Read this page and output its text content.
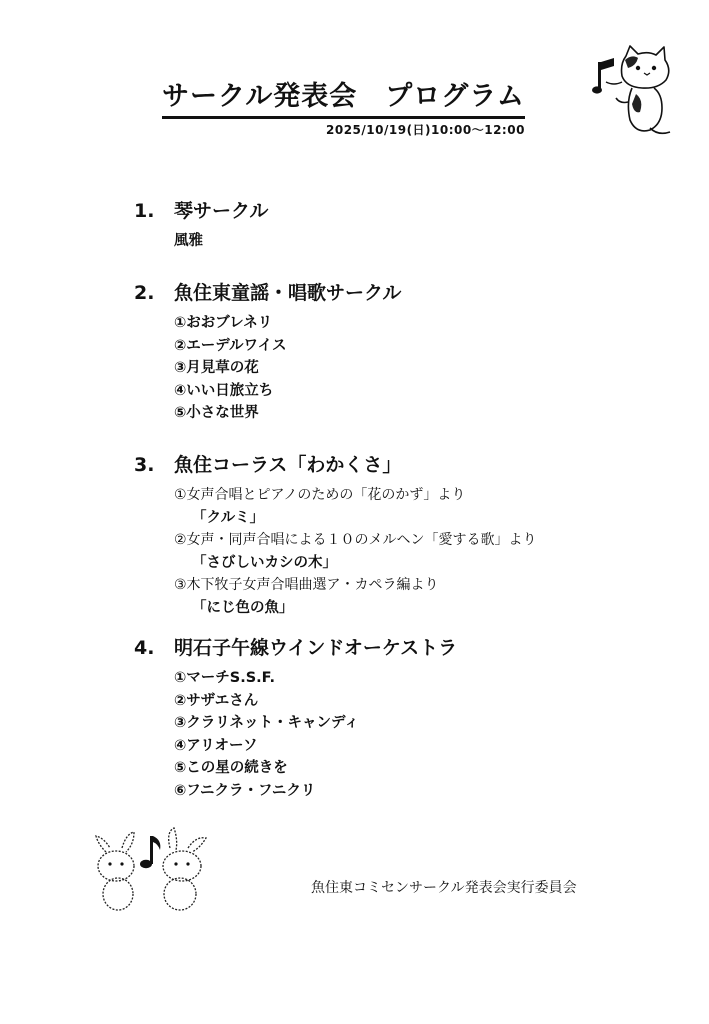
サークル発表会　プログラム
2025/10/19(日)10:00～12:00
1.	琴サークル
風雅
2.	魚住東童謡・唱歌サークル
①おおブレネリ
②エーデルワイス
③月見草の花
④いい日旅立ち
⑤小さな世界
3.	魚住コーラス「わかくさ」
①女声合唱とピアノのための「花のかず」より
「クルミ」
②女声・同声合唱による１０のメルヘン「愛する歌」より
「さびしいカシの木」
③木下牧子女声合唱曲選ア・カペラ編より
「にじ色の魚」
4.	明石子午線ウインドオーケストラ
①マーチS.S.F.
②サザエさん
③クラリネット・キャンディ
④アリオーソ
⑤この星の続きを
⑥フニクラ・フニクリ
魚住東コミセンサークル発表会実行委員会
